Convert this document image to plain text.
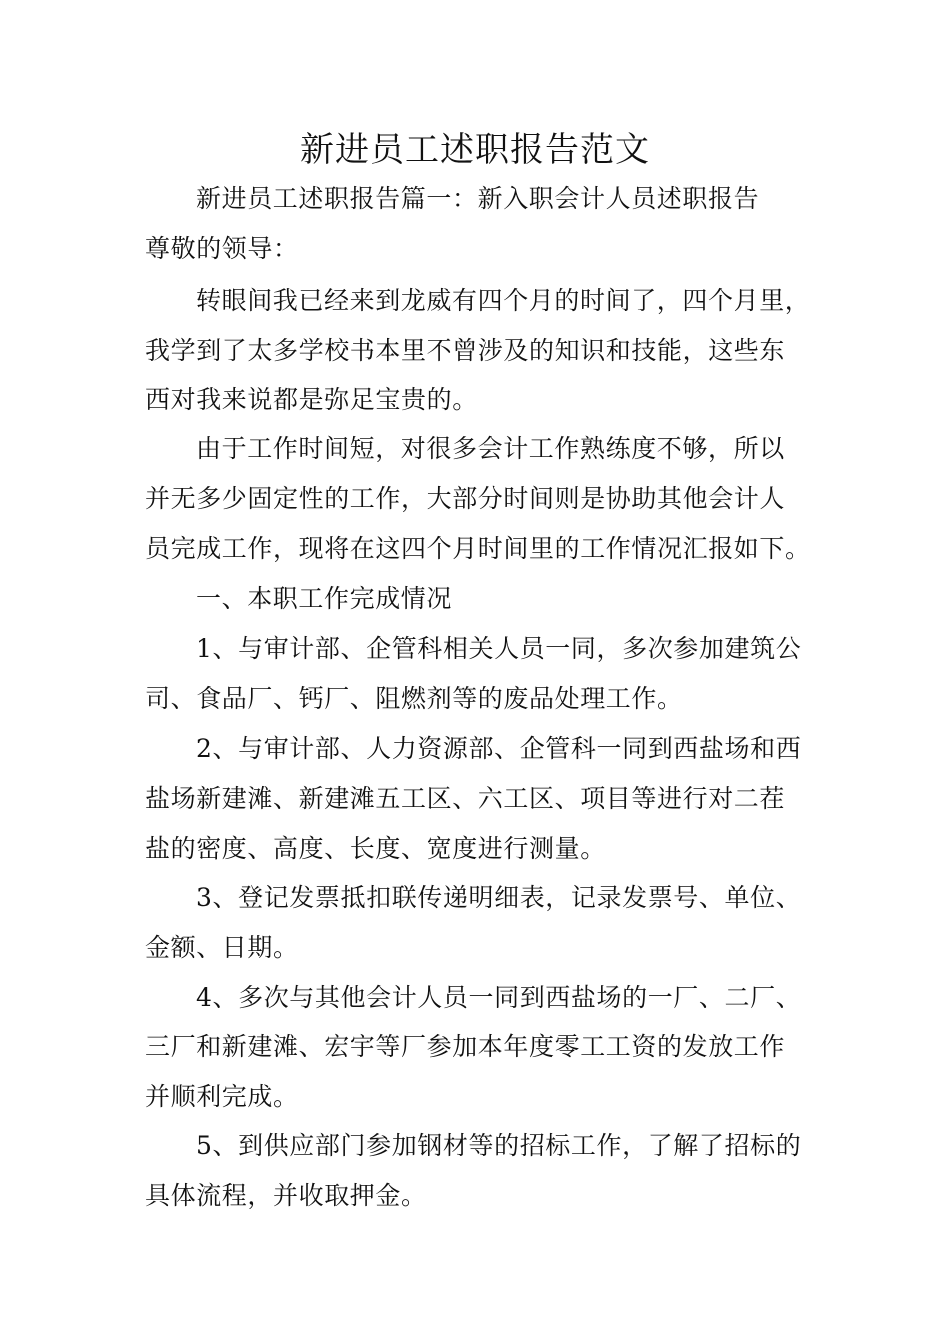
新进员工述职报告范文
新进员工述职报告篇一：新入职会计人员述职报告
尊敬的领导：
转眼间我已经来到龙威有四个月的时间了，四个月里，
我学到了太多学校书本里不曾涉及的知识和技能，这些东
西对我来说都是弥足宝贵的。
由于工作时间短，对很多会计工作熟练度不够，所以
并无多少固定性的工作，大部分时间则是协助其他会计人
员完成工作，现将在这四个月时间里的工作情况汇报如下。
一、本职工作完成情况
1、与审计部、企管科相关人员一同，多次参加建筑公
司、食品厂、钙厂、阻燃剂等的废品处理工作。
2、与审计部、人力资源部、企管科一同到西盐场和西
盐场新建滩、新建滩五工区、六工区、项目等进行对二茬
盐的密度、高度、长度、宽度进行测量。
3、登记发票抵扣联传递明细表，记录发票号、单位、
金额、日期。
4、多次与其他会计人员一同到西盐场的一厂、二厂、
三厂和新建滩、宏宇等厂参加本年度零工工资的发放工作
并顺利完成。
5、到供应部门参加钢材等的招标工作，了解了招标的
具体流程，并收取押金。
